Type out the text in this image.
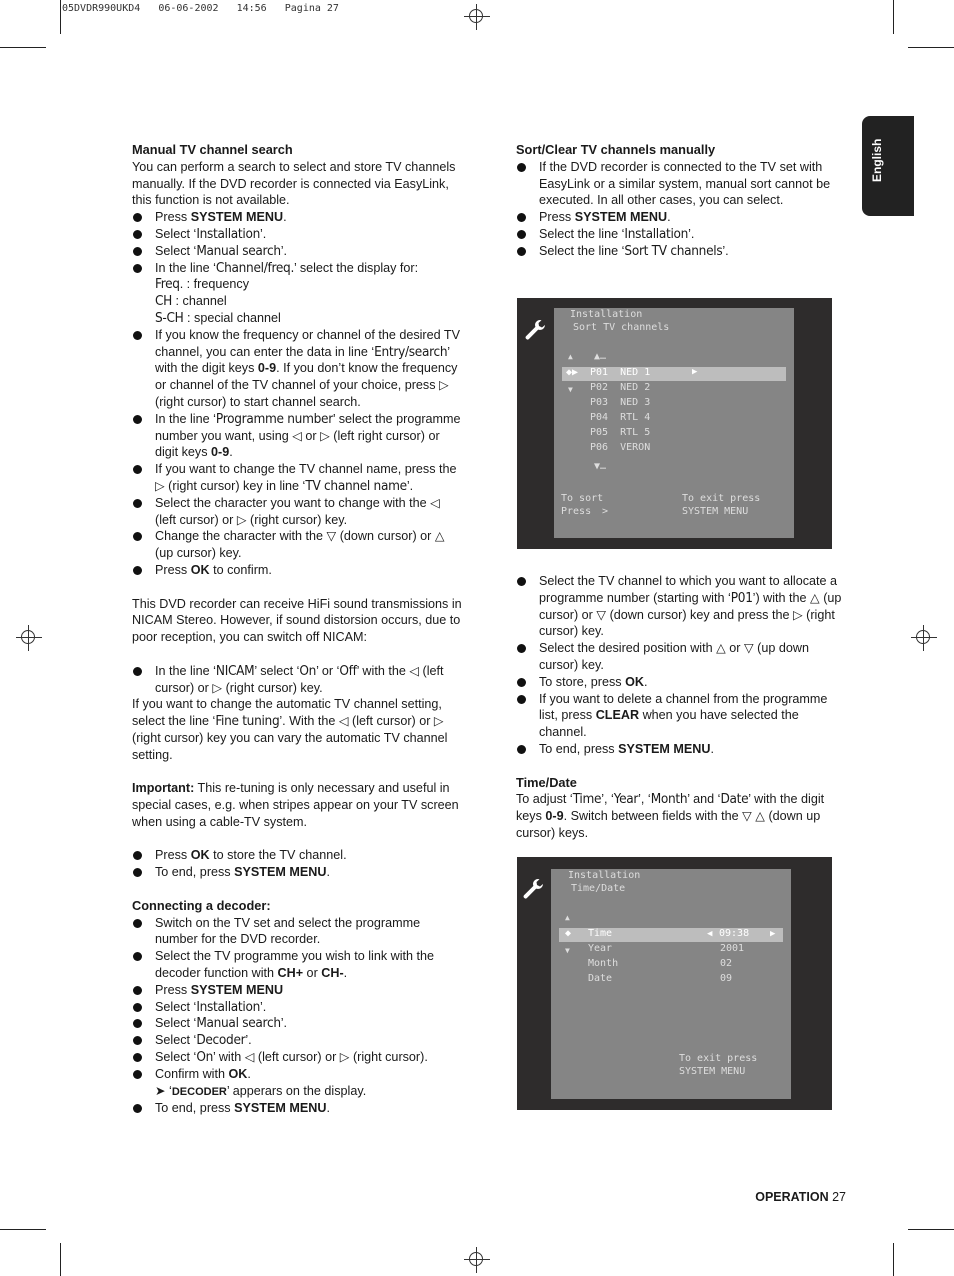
05DVDR990UKD4   06-06-2002   14:56   Pagina 27
English
Manual TV channel search

You can perform a search to select and store TV channels manually. If the DVD recorder is connected via EasyLink, this function is not available.

Press SYSTEM MENU.
Select ‘Installation’.
Select ‘Manual search’.
In the line ‘Channel/freq.’ select the display for:
Freq. : frequency
CH : channel
S-CH : special channel
If you know the frequency or channel of the desired TV channel, you can enter the data in line ‘Entry/search’ with the digit keys 0-9. If you don’t know the frequency or channel of the TV channel of your choice, press ▷ (right cursor) to start channel search.
In the line ‘Programme number’ select the programme number you want, using ◁ or ▷ (left right cursor) or digit keys 0-9.
If you want to change the TV channel name, press the ▷ (right cursor) key in line ‘TV channel name’.
Select the character you want to change with the ◁ (left cursor) or ▷ (right cursor) key.
Change the character with the ▽ (down cursor) or △ (up cursor) key.
Press OK to confirm.

This DVD recorder can receive HiFi sound transmissions in NICAM Stereo. However, if sound distorsion occurs, due to poor reception, you can switch off NICAM:

In the line ‘NICAM’ select ‘On’ or ‘Off’ with the ◁ (left cursor) or ▷ (right cursor) key.

If you want to change the automatic TV channel setting, select the line ‘Fine tuning’. With the ◁ (left cursor) or ▷ (right cursor) key you can vary the automatic TV channel setting.

Important: This re-tuning is only necessary and useful in special cases, e.g. when stripes appear on your TV screen when using a cable-TV system.

Press OK to store the TV channel.
To end, press SYSTEM MENU.
Connecting a decoder:
Switch on the TV set and select the programme number for the DVD recorder.
Select the TV programme you wish to link with the decoder function with CH+ or CH-.
Press SYSTEM MENU
Select ‘Installation’.
Select ‘Manual search’.
Select ‘Decoder’.
Select ‘On’ with ◁ (left cursor) or ▷ (right cursor).
Confirm with OK.
➤ ‘DECODER’ apperars on the display.
To end, press SYSTEM MENU.
Sort/Clear TV channels manually
If the DVD recorder is connected to the TV set with EasyLink or a similar system, manual sort cannot be executed. In all other cases, you can select.
Press SYSTEM MENU.
Select the line ‘Installation’.
Select the line ‘Sort TV channels’.
Installation
Sort TV channels
▲ ▲…
◆▶	▶
▼
P01 NED 1
P02 NED 2
P03 NED 3
P04 RTL 4
P05 RTL 5
P06 VERON
▼…
To sort
Press >
To exit press
SYSTEM MENU
Select the TV channel to which you want to allocate a programme number (starting with ‘P01’) with the △ (up cursor) or ▽ (down cursor) key and press the ▷ (right cursor) key.
Select the desired position with △ or ▽ (up down cursor) key.
To store, press OK.
If you want to delete a channel from the programme list, press CLEAR when you have selected the channel.
To end, press SYSTEM MENU.
Time/Date

To adjust ‘Time’, ‘Year’, ‘Month’ and ‘Date’ with the digit keys 0-9. Switch between fields with the ▽ △ (down up cursor) keys.

Installation
Time/Date
▲
◆
▼
◀	▶
Time	09:38
Year	2001
Month	02
Date	09
To exit press
SYSTEM MENU
OPERATION 27
